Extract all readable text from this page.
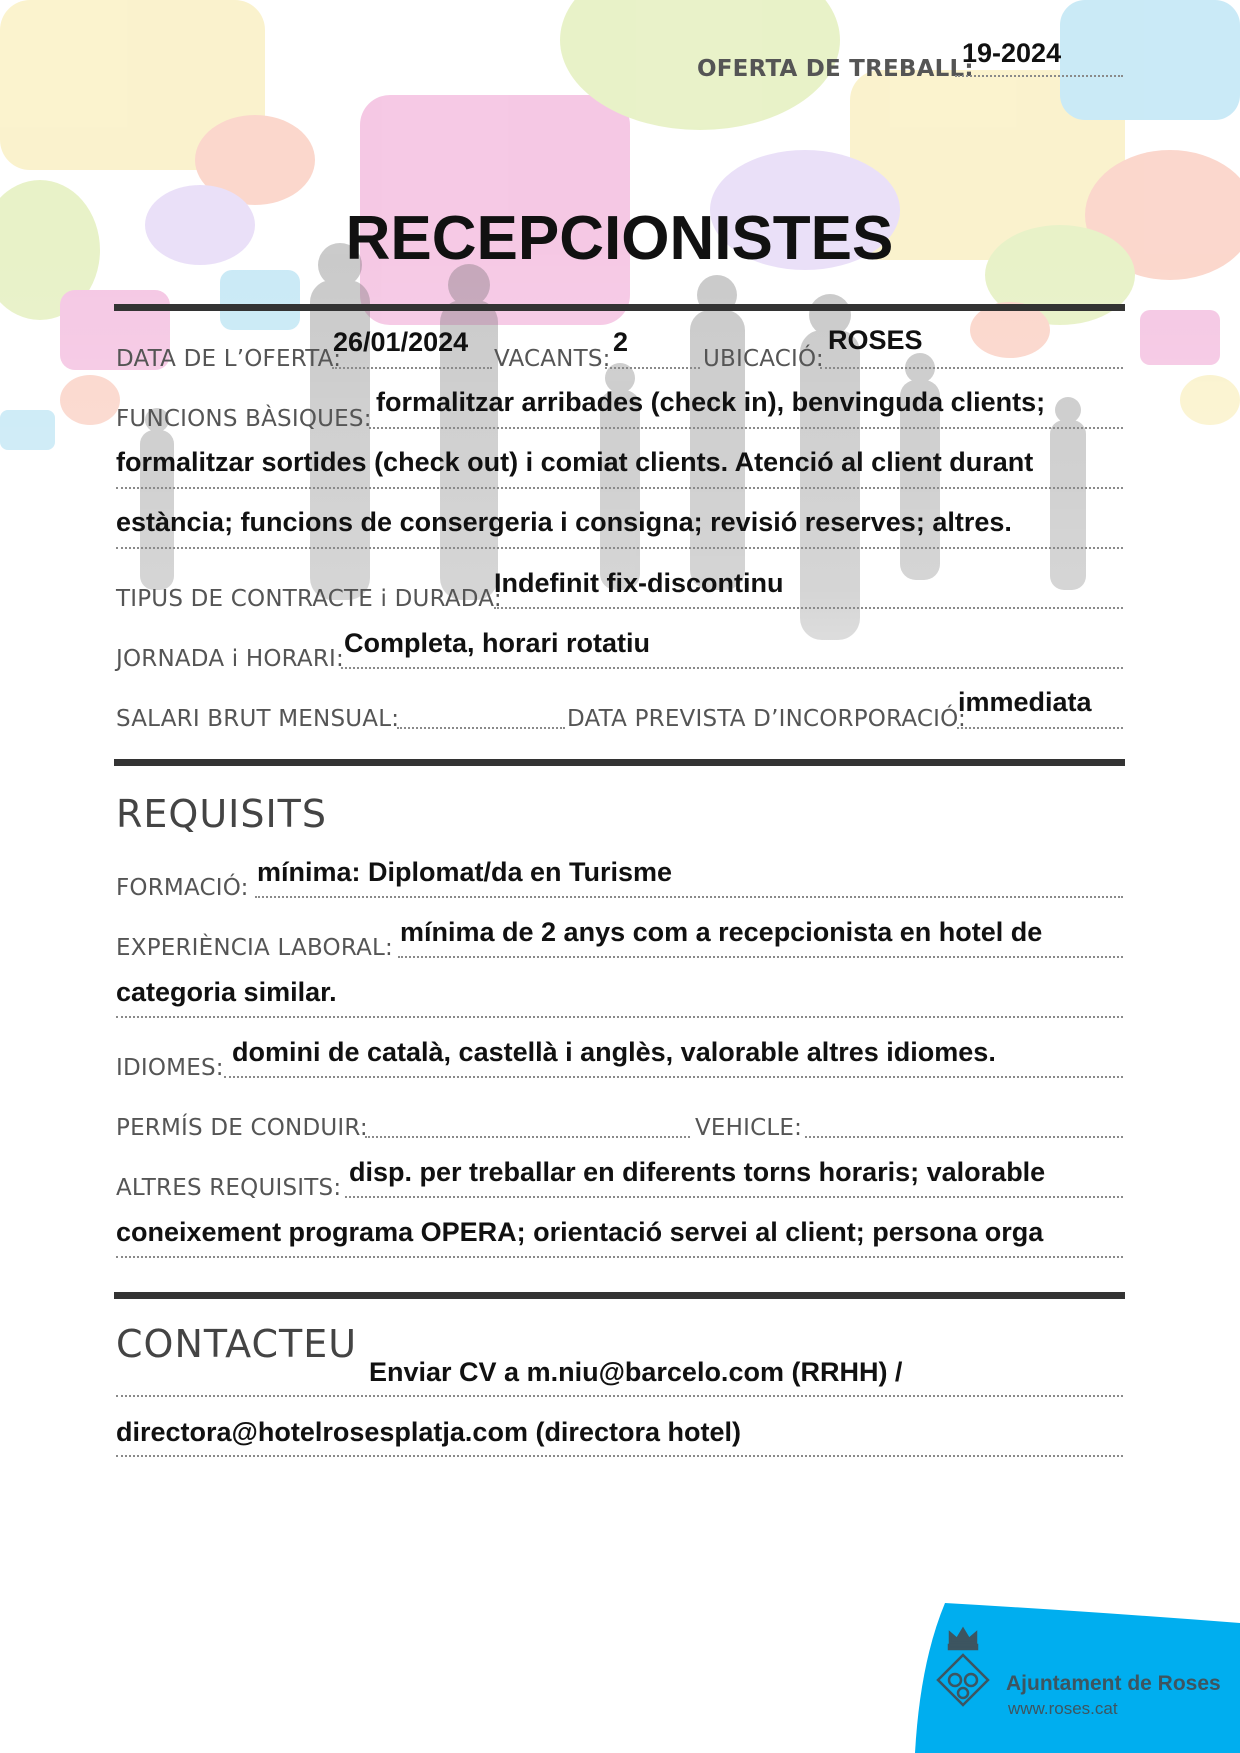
OFERTA DE TREBALL:
19-2024
RECEPCIONISTES
DATA DE L’OFERTA:
26/01/2024
VACANTS:
2
UBICACIÓ:
ROSES
FUNCIONS BÀSIQUES:
formalitzar arribades (check in), benvinguda clients;
formalitzar sortides (check out) i comiat clients. Atenció al client durant
estància; funcions de consergeria i consigna; revisió reserves; altres.
TIPUS DE CONTRACTE i DURADA:
Indefinit fix-discontinu
JORNADA i HORARI:
Completa, horari rotatiu
SALARI BRUT MENSUAL:	DATA PREVISTA D’INCORPORACIÓ:
immediata
REQUISITS
FORMACIÓ:
mínima: Diplomat/da en Turisme
EXPERIÈNCIA LABORAL:
mínima de 2 anys com a recepcionista en hotel de
categoria similar.
IDIOMES:
domini de català, castellà i anglès, valorable altres idiomes.
PERMÍS DE CONDUIR:	VEHICLE:
ALTRES REQUISITS:
disp. per treballar en diferents torns horaris; valorable
coneixement programa OPERA; orientació servei al client; persona orga
CONTACTEU
Enviar CV a m.niu@barcelo.com (RRHH) /
directora@hotelrosesplatja.com (directora hotel)
Ajuntament de Roses
www.roses.cat
